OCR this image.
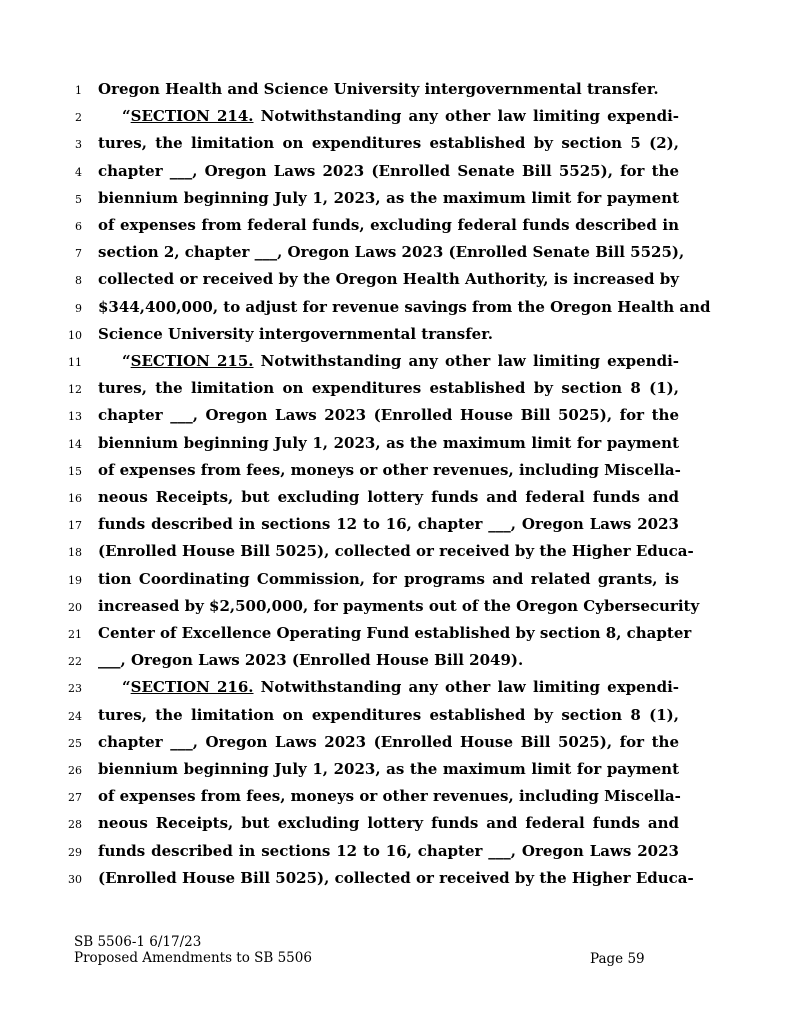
1 Oregon Health and Science University intergovernmental transfer.
2	“SECTION 214. Notwithstanding any other law limiting expendi-
3 tures, the limitation on expenditures established by section 5 (2),
4 chapter ___, Oregon Laws 2023 (Enrolled Senate Bill 5525), for the
5 biennium beginning July 1, 2023, as the maximum limit for payment
6 of expenses from federal funds, excluding federal funds described in
7 section 2, chapter ___, Oregon Laws 2023 (Enrolled Senate Bill 5525),
8 collected or received by the Oregon Health Authority, is increased by
9 $344,400,000, to adjust for revenue savings from the Oregon Health and
10 Science University intergovernmental transfer.
11	“SECTION 215. Notwithstanding any other law limiting expendi-
12 tures, the limitation on expenditures established by section 8 (1),
13 chapter ___, Oregon Laws 2023 (Enrolled House Bill 5025), for the
14 biennium beginning July 1, 2023, as the maximum limit for payment
15 of expenses from fees, moneys or other revenues, including Miscella-
16 neous Receipts, but excluding lottery funds and federal funds and
17 funds described in sections 12 to 16, chapter ___, Oregon Laws 2023
18 (Enrolled House Bill 5025), collected or received by the Higher Educa-
19 tion Coordinating Commission, for programs and related grants, is
20 increased by $2,500,000, for payments out of the Oregon Cybersecurity
21 Center of Excellence Operating Fund established by section 8, chapter
22 ___, Oregon Laws 2023 (Enrolled House Bill 2049).
23	“SECTION 216. Notwithstanding any other law limiting expendi-
24 tures, the limitation on expenditures established by section 8 (1),
25 chapter ___, Oregon Laws 2023 (Enrolled House Bill 5025), for the
26 biennium beginning July 1, 2023, as the maximum limit for payment
27 of expenses from fees, moneys or other revenues, including Miscella-
28 neous Receipts, but excluding lottery funds and federal funds and
29 funds described in sections 12 to 16, chapter ___, Oregon Laws 2023
30 (Enrolled House Bill 5025), collected or received by the Higher Educa-
SB 5506-1 6/17/23
Proposed Amendments to SB 5506	Page 59
